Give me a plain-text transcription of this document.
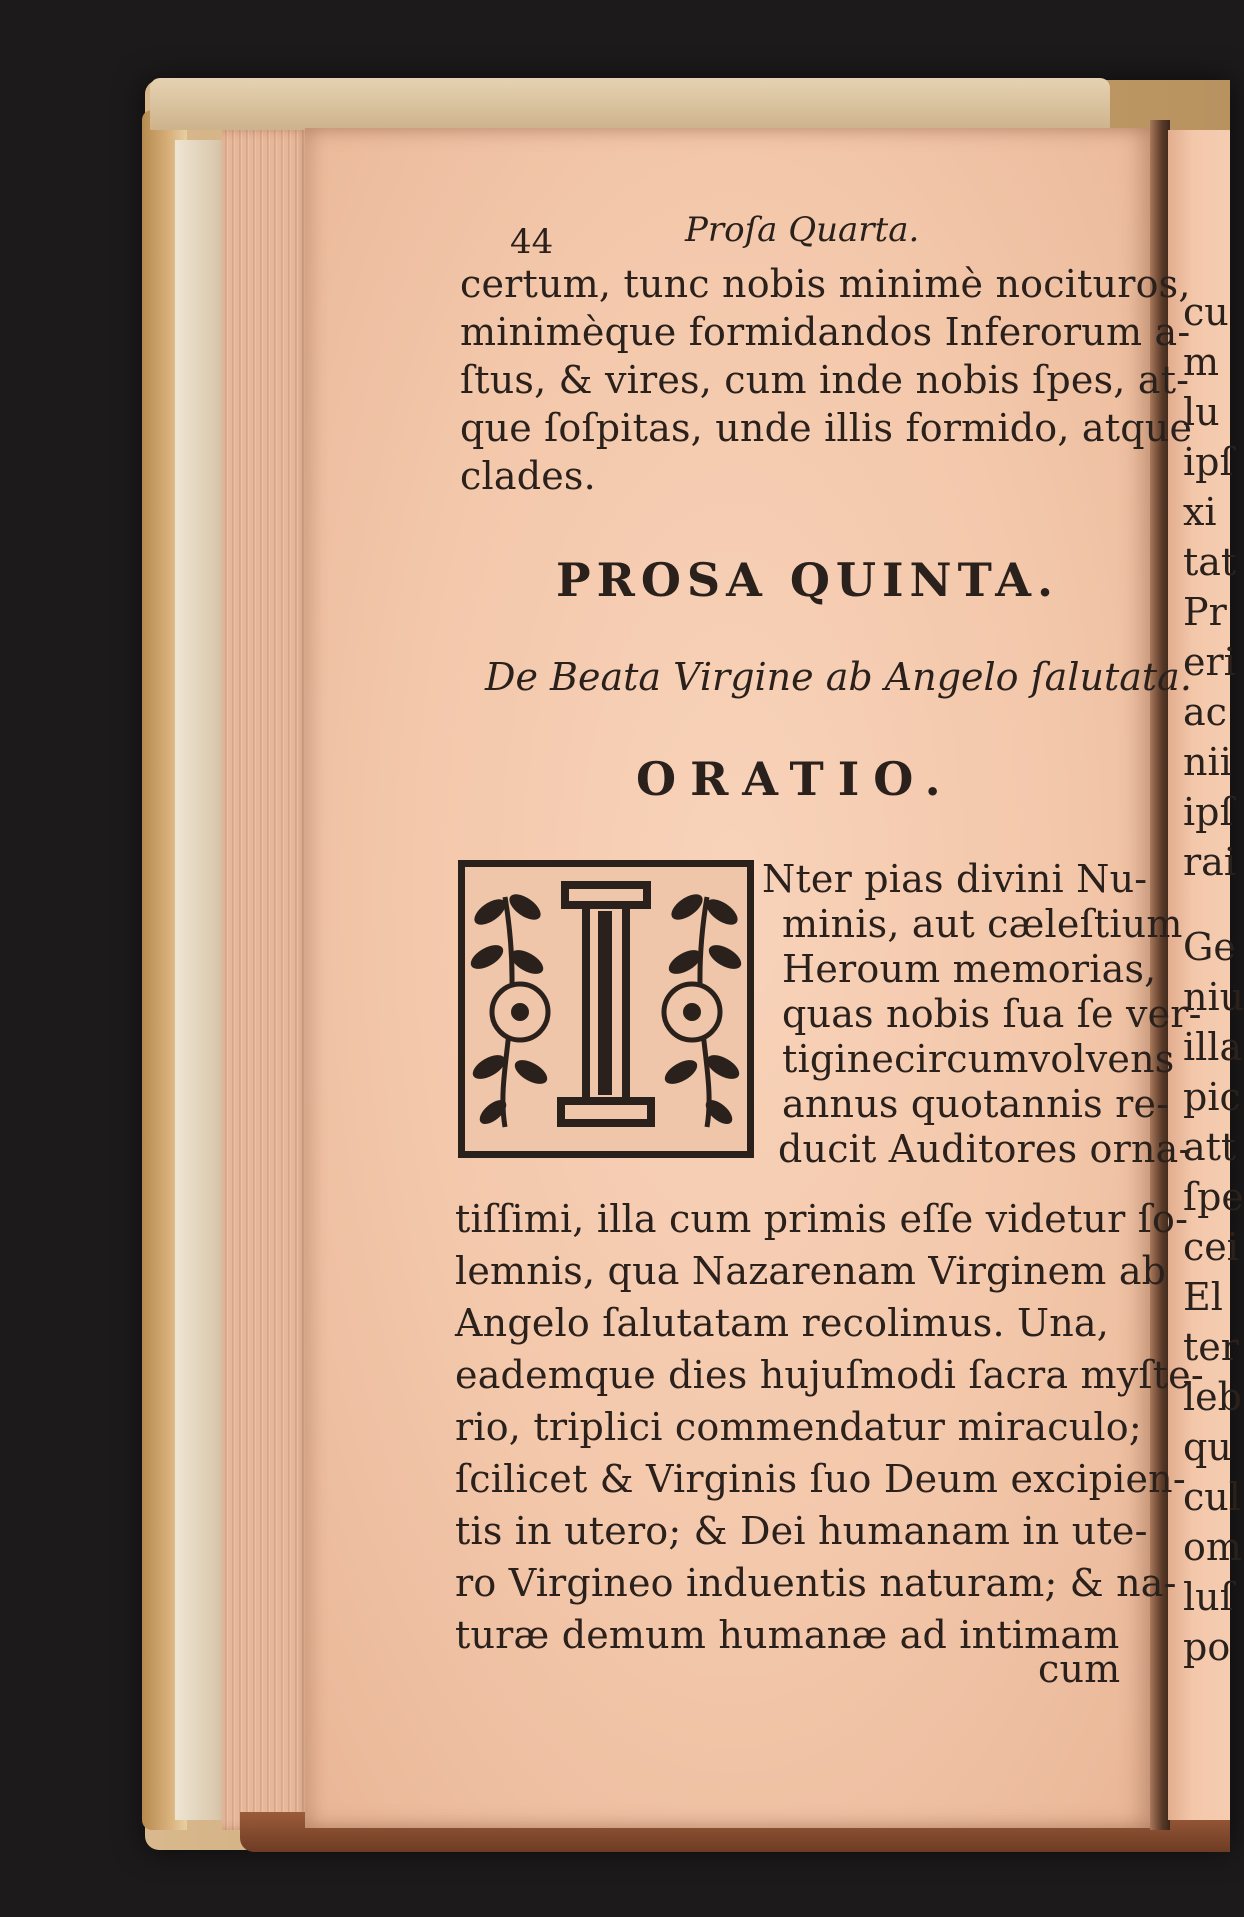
44	Proſa Quarta.
certum, tunc nobis minimè nocituros,
minimèque formidandos Inferorum a-
ſtus, & vires, cum inde nobis ſpes, at-
que ſoſpitas, unde illis formido, atque
clades.
PROSA QUINTA.
De Beata Virgine ab Angelo ſalutata.
ORATIO.
Nter pias divini Nu-
minis, aut cæleſtium
Heroum memorias,
quas nobis ſua ſe ver-
tiginecircumvolvens
annus quotannis re-
ducit Auditores orna-
tiſſimi, illa cum primis eſſe videtur ſo-
lemnis, qua Nazarenam Virginem ab
Angelo ſalutatam recolimus. Una,
eademque dies hujuſmodi ſacra myſte-
rio, triplici commendatur miraculo;
ſcilicet & Virginis ſuo Deum excipien-
tis in utero; & Dei humanam in ute-
ro Virgineo induentis naturam; & na-
turæ demum humanæ ad intimam
cum
cu
m
lu
ipſ
xi
tat
Pr
eri
ac
nii
ipſ
rai
Ge
niu
illa
pic
att
ſpe
cei
El
ter
leb
qu
cul
om
luſ
po
